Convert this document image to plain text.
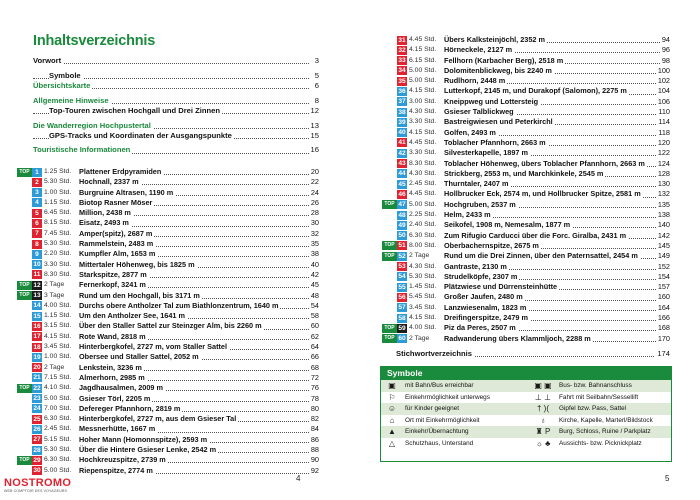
Inhaltsverzeichnis
Vorwort	3
Symbole	5
Übersichtskarte	6
Allgemeine Hinweise	8
Top-Touren zwischen Hochgall und Drei Zinnen	12
Die Wanderregion Hochpustertal	13
GPS-Tracks und Koordinaten der Ausgangspunkte	15
Touristische Informationen	16
TOP 1 1.25 Std.	Plattener Erdpyramiden	20
2 5.30 Std.	Hochnall, 2337 m	22
3 1.00 Std.	Burgruine Altrasen, 1190 m	24
4 1.15 Std.	Biotop Rasner Möser	26
5 6.45 Std.	Million, 2438 m	28
6 8.15 Std.	Eisatz, 2493 m	30
7 7.45 Std.	Amper(spitz), 2687 m	32
8 5.30 Std.	Rammelstein, 2483 m	35
9 2.20 Std.	Kumpfler Alm, 1653 m	38
10 3.30 Std.	Mittertaler Höhenweg, bis 1825 m	40
11 8.30 Std.	Starkspitze, 2877 m	42
TOP 12 2 Tage	Fernerkopf, 3241 m	45
TOP 13 3 Tage	Rund um den Hochgall, bis 3171 m	48
14 4.00 Std.	Durchs obere Antholzer Tal zum Biathlonzentrum, 1640 m	54
15 1.15 Std.	Um den Antholzer See, 1641 m	58
16 3.15 Std.	Über den Staller Sattel zur Steinzger Alm, bis 2260 m	60
17 4.15 Std.	Rote Wand, 2818 m	62
18 3.45 Std.	Hinterbergkofel, 2727 m, vom Staller Sattel	64
19 1.00 Std.	Obersee und Staller Sattel, 2052 m	66
20 2 Tage	Lenkstein, 3236 m	68
21 7.15 Std.	Almerhorn, 2985 m	72
TOP 22 4.10 Std.	Jagdhausalmen, 2009 m	76
23 5.00 Std.	Gsieser Törl, 2205 m	78
24 7.00 Std.	Defereger Pfannhorn, 2819 m	80
25 6.30 Std.	Hinterbergkofel, 2727 m, aus dem Gsieser Tal	82
26 2.45 Std.	Messnerhütte, 1667 m	84
27 5.15 Std.	Hoher Mann (Homonnspitze), 2593 m	86
28 5.30 Std.	Über die Hintere Gsieser Lenke, 2542 m	88
TOP 29 6.30 Std.	Hochkreuzspitze, 2739 m	90
30 5.00 Std.	Riepenspitze, 2774 m	92
31 4.45 Std.	Übers Kalksteinjöchl, 2352 m	94
32 4.15 Std.	Hörneckele, 2127 m	96
33 6.15 Std.	Fellhorn (Karbacher Berg), 2518 m	98
34 5.00 Std.	Dolomitenblickweg, bis 2240 m	100
35 5.00 Std.	Rudlhorn, 2448 m	102
36 4.15 Std.	Lutterkopf, 2145 m, und Durakopf (Salomon), 2275 m	104
37 3.00 Std.	Kneippweg und Lottersteig	106
38 4.30 Std.	Gsieser Talblickweg	110
39 3.30 Std.	Bastreigwiesen und Peterkirchl	114
40 4.15 Std.	Golfen, 2493 m	118
41 4.45 Std.	Toblacher Pfannhorn, 2663 m	120
42 3.30 Std.	Silvesterkapelle, 1897 m	122
43 8.30 Std.	Toblacher Höhenweg, übers Toblacher Pfannhorn, 2663 m 124
44 4.30 Std.	Strickberg, 2553 m, und Marchkinkele, 2545 m	128
45 2.45 Std.	Thurntaler, 2407 m	130
46 4.45 Std.	Hollbrucker Eck, 2574 m, und Hollbrucker Spitze, 2581 m 132
TOP 47 5.00 Std.	Hochgruben, 2537 m	135
48 2.25 Std.	Helm, 2433 m	138
49 2.40 Std.	Seikofel, 1908 m, Nemesalm, 1877 m	140
50 6.30 Std.	Zum Rifugio Carducci über die Forc. Giralba, 2431 m	142
TOP 51 8.00 Std.	Oberbachernspitze, 2675 m	145
TOP 52 2 Tage	Rund um die Drei Zinnen, über den Paternsattel, 2454 m	149
53 4.30 Std.	Gantraste, 2130 m	152
54 5.30 Std.	Strudelköpfe, 2307 m	154
55 1.45 Std.	Plätzwiese und Dürrensteinhütte	157
56 5.45 Std.	Großer Jaufen, 2480 m	160
57 3.45 Std.	Lanzwiesenalm, 1823 m	164
58 4.15 Std.	Dreifingerspitze, 2479 m	166
TOP 59 4.00 Std.	Piz da Peres, 2507 m	168
TOP 60 2 Tage	Radwanderung übers Klammljoch, 2288 m	170
Stichwortverzeichnis	174
Symbole
▣	mit Bahn/Bus erreichbar	▣ ▣	Bus- bzw. Bahnanschluss
⚐	Einkehrmöglichkeit unterwegs	⊥ ⊥	Fahrt mit Seilbahn/Sessellift
☺	für Kinder geeignet	† )(	Gipfel bzw. Pass, Sattel
⌂	Ort mit Einkehrmöglichkeit	♁	Kirche, Kapelle, Marterl/Bildstock
▲	Einkehr/Übernachtung	♜ P	Burg, Schloss, Ruine / Parkplatz
△	Schutzhaus, Unterstand	☼ ♣	Aussichts- bzw. Picknickplatz
4	5
NOSTROMO
WEB COMPTOIR DES VOYAGEURS
